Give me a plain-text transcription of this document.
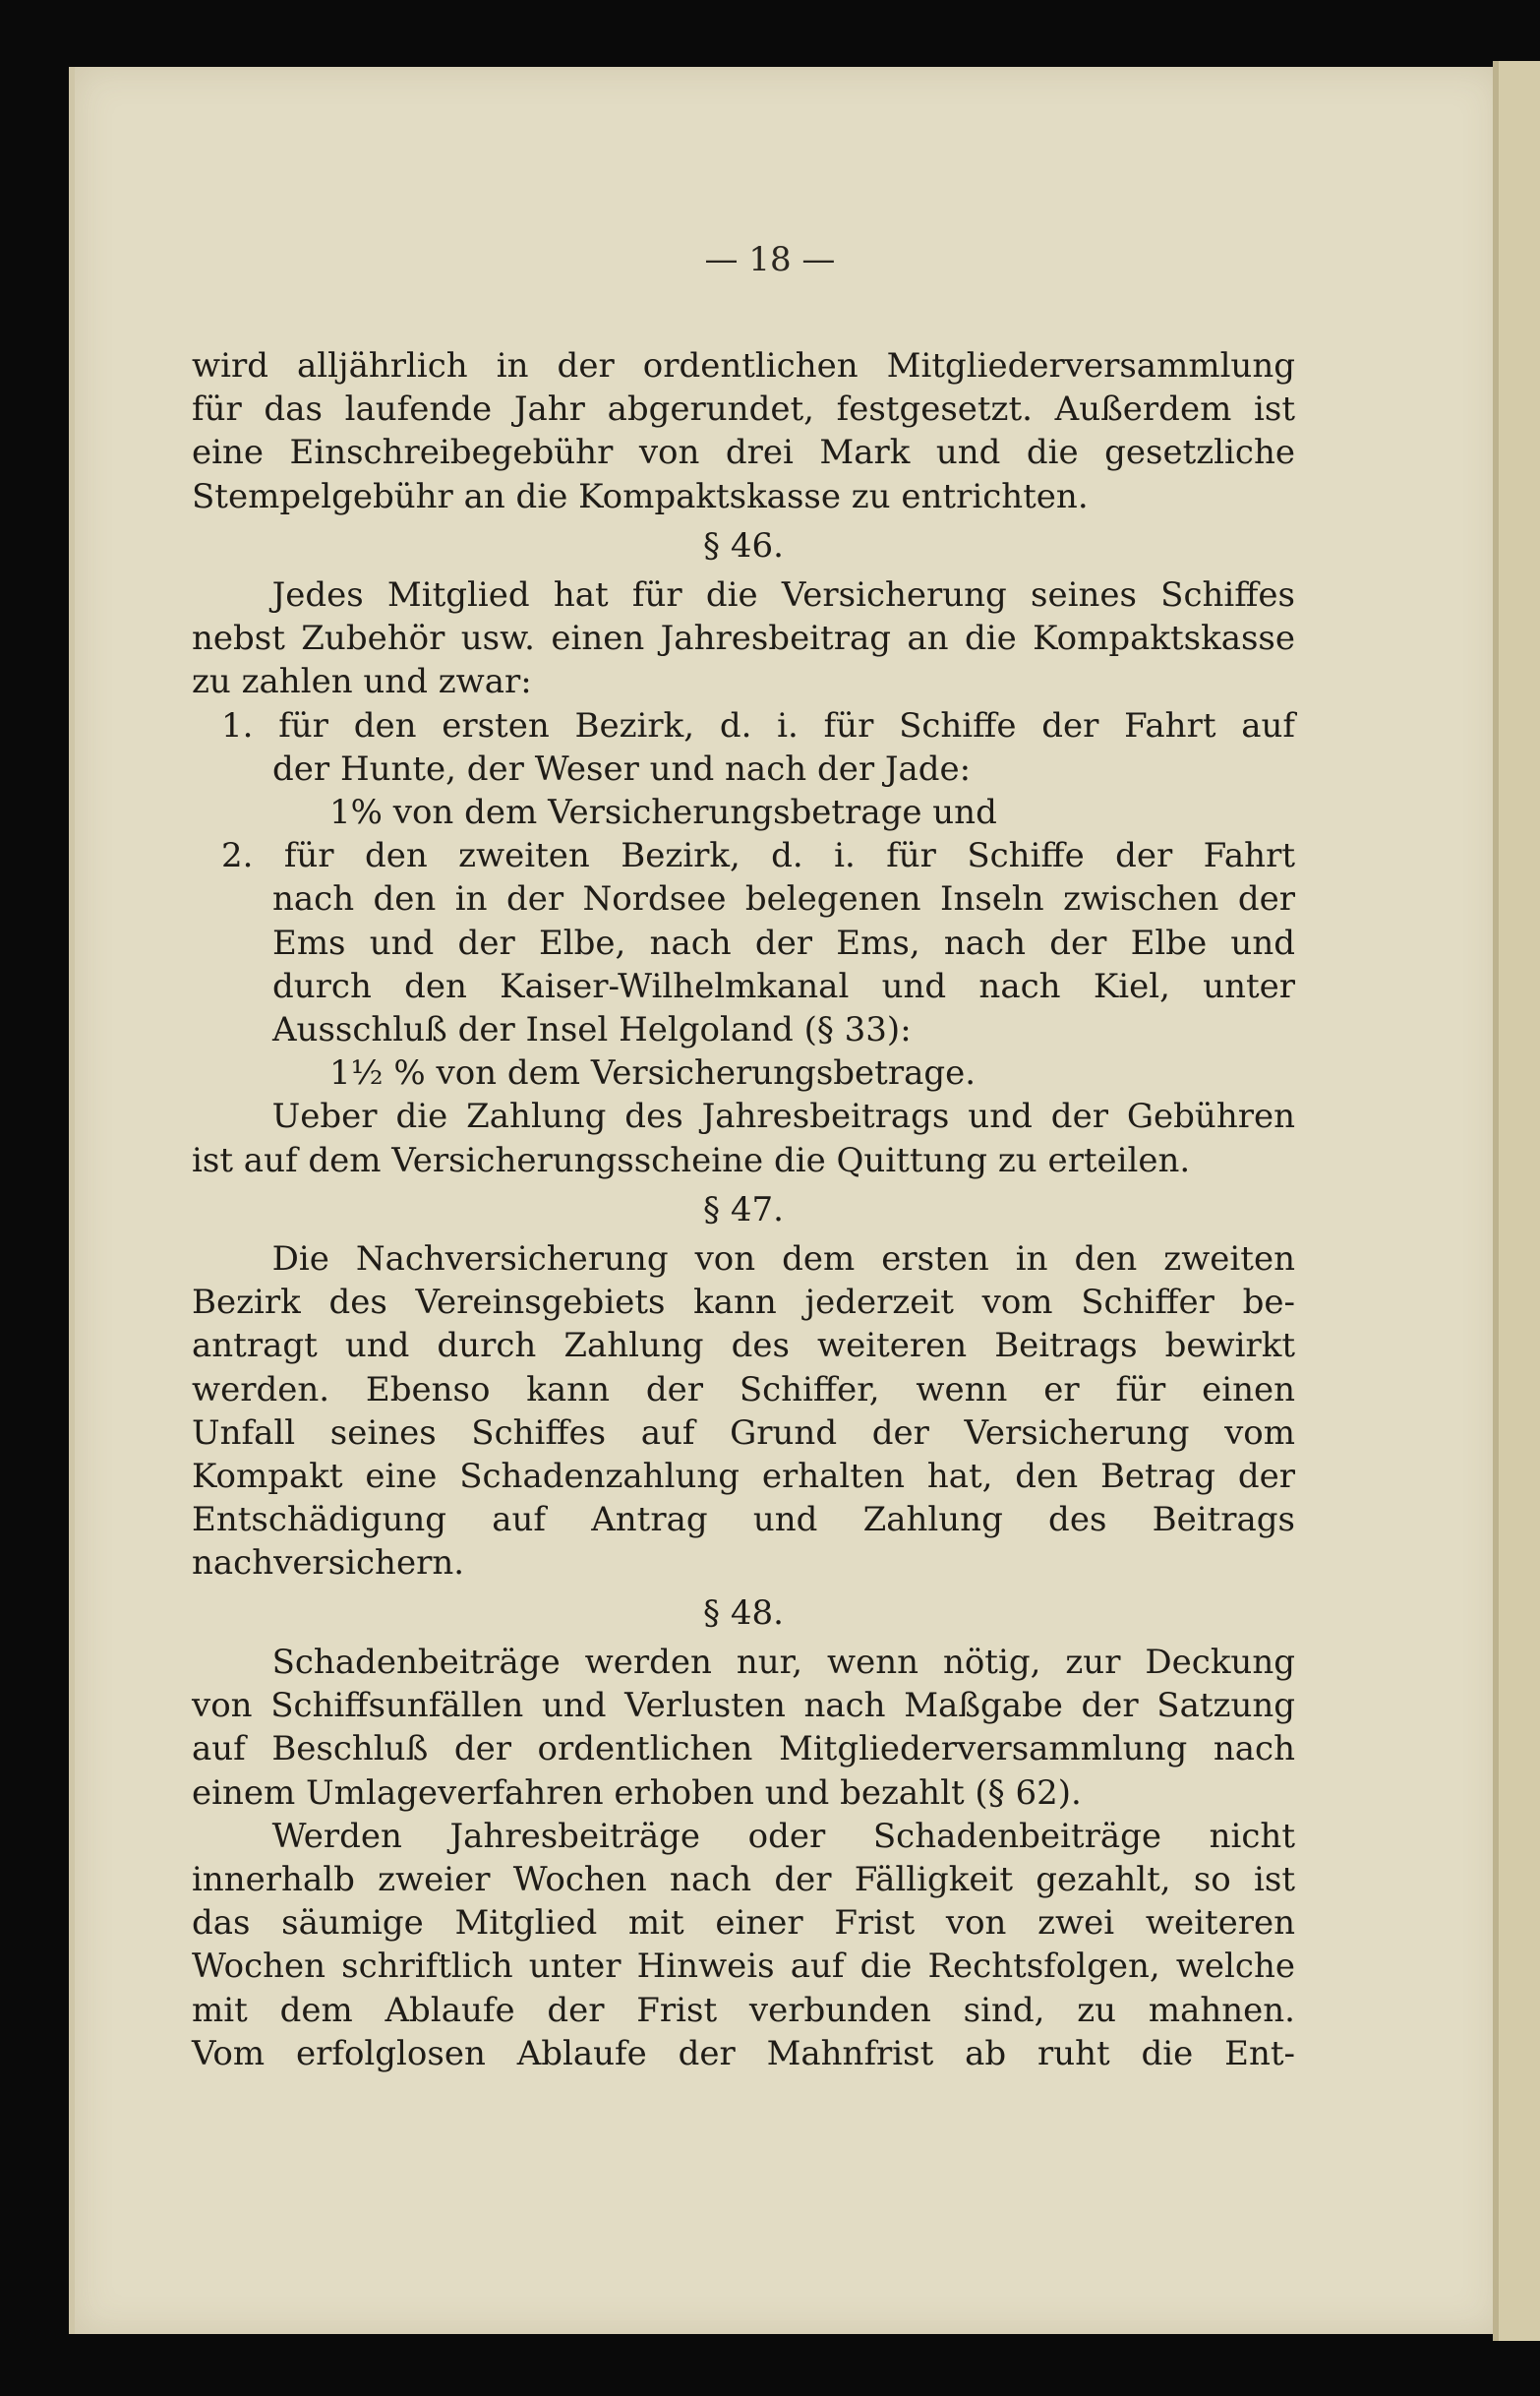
— 18 —

wird alljährlich in der ordentlichen Mitgliederversammlung

für das laufende Jahr abgerundet, festgesetzt. Außerdem ist

eine Einschreibegebühr von drei Mark und die gesetzliche

Stempelgebühr an die Kompaktskasse zu entrichten.

§ 46.

Jedes Mitglied hat für die Versicherung seines Schiffes

nebst Zubehör usw. einen Jahresbeitrag an die Kompaktskasse

zu zahlen und zwar:

1. für den ersten Bezirk, d. i. für Schiffe der Fahrt auf

der Hunte, der Weser und nach der Jade:

1% von dem Versicherungsbetrage und

2. für den zweiten Bezirk, d. i. für Schiffe der Fahrt

nach den in der Nordsee belegenen Inseln zwischen der

Ems und der Elbe, nach der Ems, nach der Elbe und

durch den Kaiser-Wilhelmkanal und nach Kiel, unter

Ausschluß der Insel Helgoland (§ 33):

1½ % von dem Versicherungsbetrage.

Ueber die Zahlung des Jahresbeitrags und der Gebühren

ist auf dem Versicherungsscheine die Quittung zu erteilen.

§ 47.

Die Nachversicherung von dem ersten in den zweiten

Bezirk des Vereinsgebiets kann jederzeit vom Schiffer be-

antragt und durch Zahlung des weiteren Beitrags bewirkt

werden. Ebenso kann der Schiffer, wenn er für einen

Unfall seines Schiffes auf Grund der Versicherung vom

Kompakt eine Schadenzahlung erhalten hat, den Betrag der

Entschädigung auf Antrag und Zahlung des Beitrags

nachversichern.

§ 48.

Schadenbeiträge werden nur, wenn nötig, zur Deckung

von Schiffsunfällen und Verlusten nach Maßgabe der Satzung

auf Beschluß der ordentlichen Mitgliederversammlung nach

einem Umlageverfahren erhoben und bezahlt (§ 62).

Werden Jahresbeiträge oder Schadenbeiträge nicht

innerhalb zweier Wochen nach der Fälligkeit gezahlt, so ist

das säumige Mitglied mit einer Frist von zwei weiteren

Wochen schriftlich unter Hinweis auf die Rechtsfolgen, welche

mit dem Ablaufe der Frist verbunden sind, zu mahnen.

Vom erfolglosen Ablaufe der Mahnfrist ab ruht die Ent-
